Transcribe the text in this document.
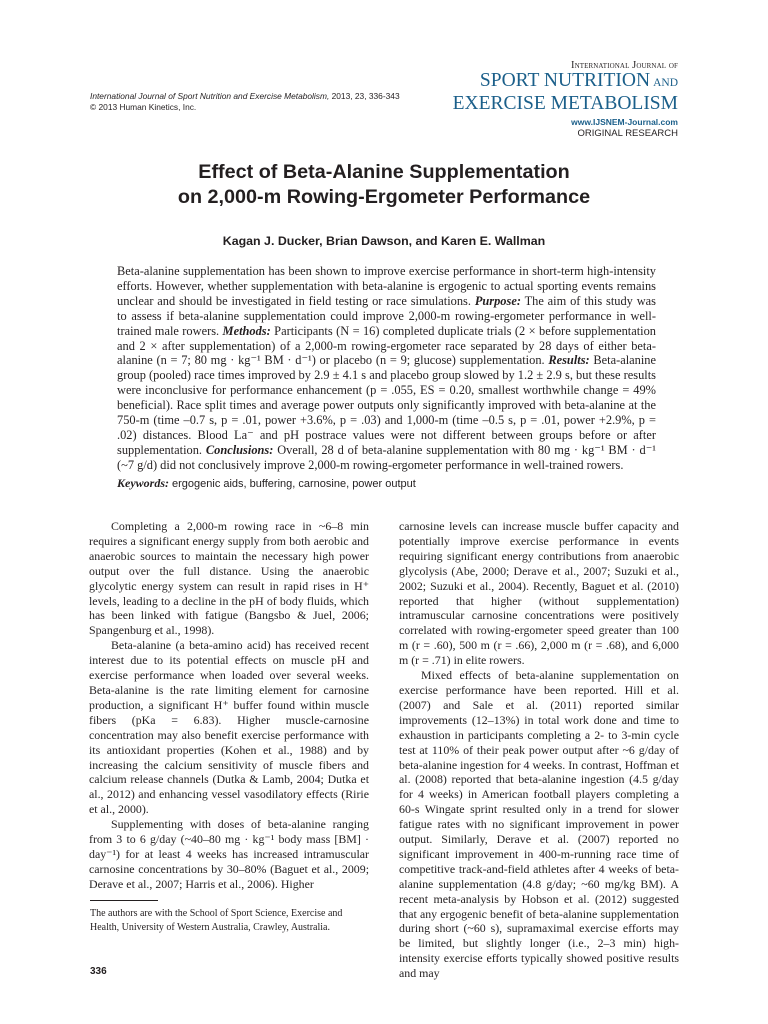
International Journal of Sport Nutrition and Exercise Metabolism, 2013, 23, 336-343
© 2013 Human Kinetics, Inc.
International Journal of
SPORT NUTRITION AND
EXERCISE METABOLISM
www.IJSNEM-Journal.com
ORIGINAL RESEARCH
Effect of Beta-Alanine Supplementation
on 2,000-m Rowing-Ergometer Performance
Kagan J. Ducker, Brian Dawson, and Karen E. Wallman

Beta-alanine supplementation has been shown to improve exercise performance in short-term high-intensity efforts. However, whether supplementation with beta-alanine is ergogenic to actual sporting events remains unclear and should be investigated in field testing or race simulations. Purpose: The aim of this study was to assess if beta-alanine supplementation could improve 2,000-m rowing-ergometer performance in well-trained male rowers. Methods: Participants (N = 16) completed duplicate trials (2 × before supplementation and 2 × after supplementation) of a 2,000-m rowing-ergometer race separated by 28 days of either beta-alanine (n = 7; 80 mg · kg⁻¹ BM · d⁻¹) or placebo (n = 9; glucose) supplementation. Results: Beta-alanine group (pooled) race times improved by 2.9 ± 4.1 s and placebo group slowed by 1.2 ± 2.9 s, but these results were inconclusive for performance enhancement (p = .055, ES = 0.20, smallest worthwhile change = 49% beneficial). Race split times and average power outputs only significantly improved with beta-alanine at the 750-m (time –0.7 s, p = .01, power +3.6%, p = .03) and 1,000-m (time –0.5 s, p = .01, power +2.9%, p = .02) distances. Blood La⁻ and pH postrace values were not different between groups before or after supplementation. Conclusions: Overall, 28 d of beta-alanine supplementation with 80 mg · kg⁻¹ BM · d⁻¹ (~7 g/d) did not conclusively improve 2,000-m rowing-ergometer performance in well-trained rowers.

Keywords: ergogenic aids, buffering, carnosine, power output

Completing a 2,000-m rowing race in ~6–8 min requires a significant energy supply from both aerobic and anaerobic sources to maintain the necessary high power output over the full distance. Using the anaerobic glycolytic energy system can result in rapid rises in H⁺ levels, leading to a decline in the pH of body fluids, which has been linked with fatigue (Bangsbo & Juel, 2006; Spangenburg et al., 1998).

Beta-alanine (a beta-amino acid) has received recent interest due to its potential effects on muscle pH and exercise performance when loaded over several weeks. Beta-alanine is the rate limiting element for carnosine production, a significant H⁺ buffer found within muscle fibers (pKa = 6.83). Higher muscle-carnosine concentration may also benefit exercise performance with its antioxidant properties (Kohen et al., 1988) and by increasing the calcium sensitivity of muscle fibers and calcium release channels (Dutka & Lamb, 2004; Dutka et al., 2012) and enhancing vessel vasodilatory effects (Ririe et al., 2000).

Supplementing with doses of beta-alanine ranging from 3 to 6 g/day (~40–80 mg · kg⁻¹ body mass [BM] · day⁻¹) for at least 4 weeks has increased intramuscular carnosine concentrations by 30–80% (Baguet et al., 2009; Derave et al., 2007; Harris et al., 2006). Higher

carnosine levels can increase muscle buffer capacity and potentially improve exercise performance in events requiring significant energy contributions from anaerobic glycolysis (Abe, 2000; Derave et al., 2007; Suzuki et al., 2002; Suzuki et al., 2004). Recently, Baguet et al. (2010) reported that higher (without supplementation) intramuscular carnosine concentrations were positively correlated with rowing-ergometer speed greater than 100 m (r = .60), 500 m (r = .66), 2,000 m (r = .68), and 6,000 m (r = .71) in elite rowers.

Mixed effects of beta-alanine supplementation on exercise performance have been reported. Hill et al. (2007) and Sale et al. (2011) reported similar improvements (12–13%) in total work done and time to exhaustion in participants completing a 2- to 3-min cycle test at 110% of their peak power output after ~6 g/day of beta-alanine ingestion for 4 weeks. In contrast, Hoffman et al. (2008) reported that beta-alanine ingestion (4.5 g/day for 4 weeks) in American football players completing a 60-s Wingate sprint resulted only in a trend for slower fatigue rates with no significant improvement in power output. Similarly, Derave et al. (2007) reported no significant improvement in 400-m-running race time of competitive track-and-field athletes after 4 weeks of beta-alanine supplementation (4.8 g/day; ~60 mg/kg BM). A recent meta-analysis by Hobson et al. (2012) suggested that any ergogenic benefit of beta-alanine supplementation during short (~60 s), supramaximal exercise efforts may be limited, but slightly longer (i.e., 2–3 min) high-intensity exercise efforts typically showed positive results and may

The authors are with the School of Sport Science, Exercise and Health, University of Western Australia, Crawley, Australia.
336
